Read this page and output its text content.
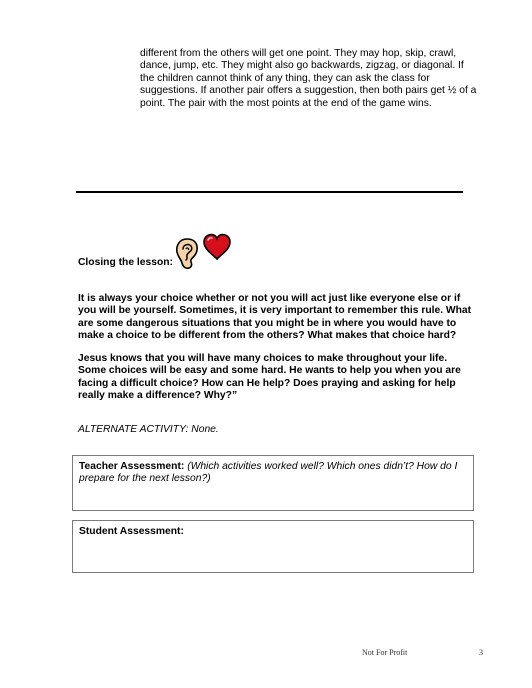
different from the others will get one point. They may hop, skip, crawl,
dance, jump, etc. They might also go backwards, zigzag, or diagonal. If
the children cannot think of any thing, they can ask the class for
suggestions. If another pair offers a suggestion, then both pairs get ½ of a
point. The pair with the most points at the end of the game wins.

Closing the lesson:

It is always your choice whether or not you will act just like everyone else or if
you will be yourself. Sometimes, it is very important to remember this rule. What
are some dangerous situations that you might be in where you would have to
make a choice to be different from the others? What makes that choice hard?
Jesus knows that you will have many choices to make throughout your life.
Some choices will be easy and some hard. He wants to help you when you are
facing a difficult choice? How can He help? Does praying and asking for help
really make a difference? Why?”

ALTERNATE ACTIVITY: None.

Teacher Assessment: (Which activities worked well? Which ones didn’t? How do I prepare for the next lesson?)
Student Assessment:
Not For Profit	3
